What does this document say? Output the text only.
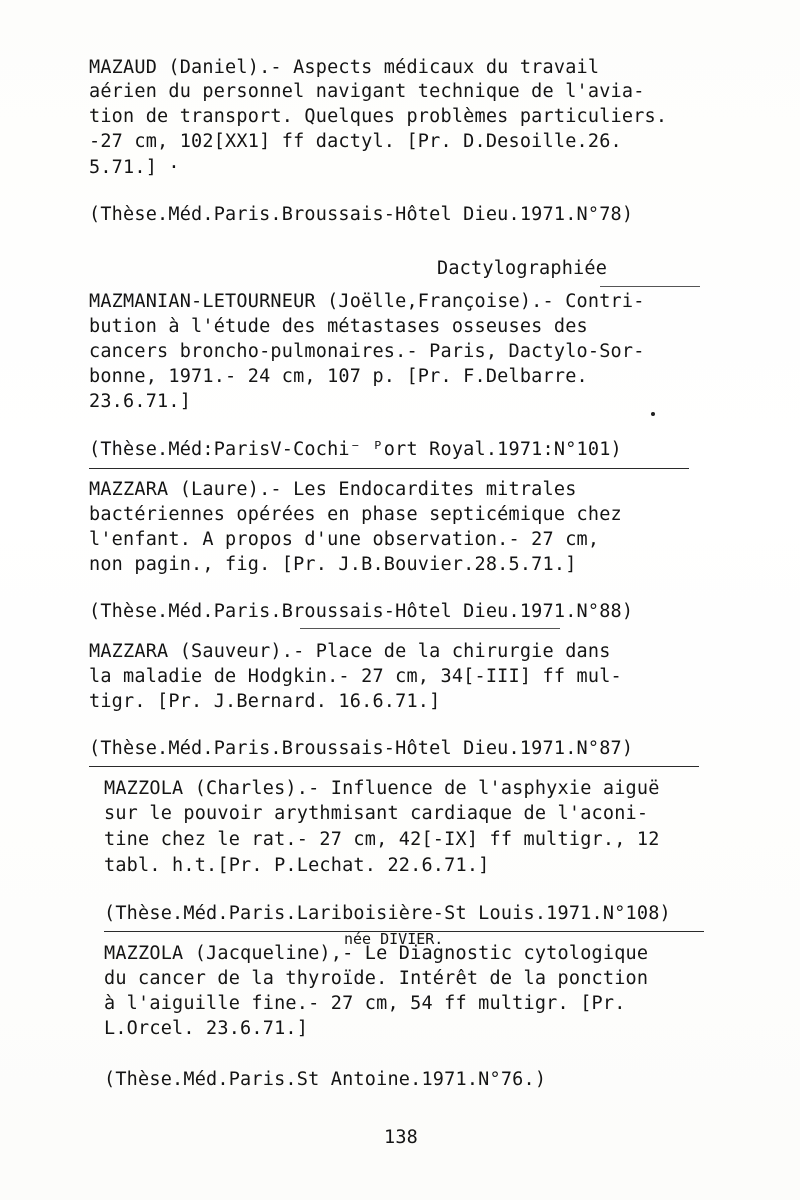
MAZAUD (Daniel).- Aspects médicaux du travail
aérien du personnel navigant technique de l'avia-
tion de transport. Quelques problèmes particuliers.
-27 cm, 102[XX1] ff dactyl. [Pr. D.Desoille.26.
5.71.] ·
(Thèse.Méd.Paris.Broussais-Hôtel Dieu.1971.N°78)
Dactylographiée
MAZMANIAN-LETOURNEUR (Joëlle,Françoise).- Contri-
bution à l'étude des métastases osseuses des
cancers broncho-pulmonaires.- Paris, Dactylo-Sor-
bonne, 1971.- 24 cm, 107 p. [Pr. F.Delbarre.
23.6.71.]
(Thèse.Méd:ParisV-Cochi⁻ ᴾort Royal.1971:N°101)
MAZZARA (Laure).- Les Endocardites mitrales
bactériennes opérées en phase septicémique chez
l'enfant. A propos d'une observation.- 27 cm,
non pagin., fig. [Pr. J.B.Bouvier.28.5.71.]
(Thèse.Méd.Paris.Broussais-Hôtel Dieu.1971.N°88)
MAZZARA (Sauveur).- Place de la chirurgie dans
la maladie de Hodgkin.- 27 cm, 34[-III] ff mul-
tigr. [Pr. J.Bernard. 16.6.71.]
(Thèse.Méd.Paris.Broussais-Hôtel Dieu.1971.N°87)
MAZZOLA (Charles).- Influence de l'asphyxie aiguë
sur le pouvoir arythmisant cardiaque de l'aconi-
tine chez le rat.- 27 cm, 42[-IX] ff multigr., 12
tabl. h.t.[Pr. P.Lechat. 22.6.71.]
(Thèse.Méd.Paris.Lariboisière-St Louis.1971.N°108)
née DIVIER.
MAZZOLA (Jacqueline),- Le Diagnostic cytologique
du cancer de la thyroïde. Intérêt de la ponction
à l'aiguille fine.- 27 cm, 54 ff multigr. [Pr.
L.Orcel. 23.6.71.]
(Thèse.Méd.Paris.St Antoine.1971.N°76.)
138
